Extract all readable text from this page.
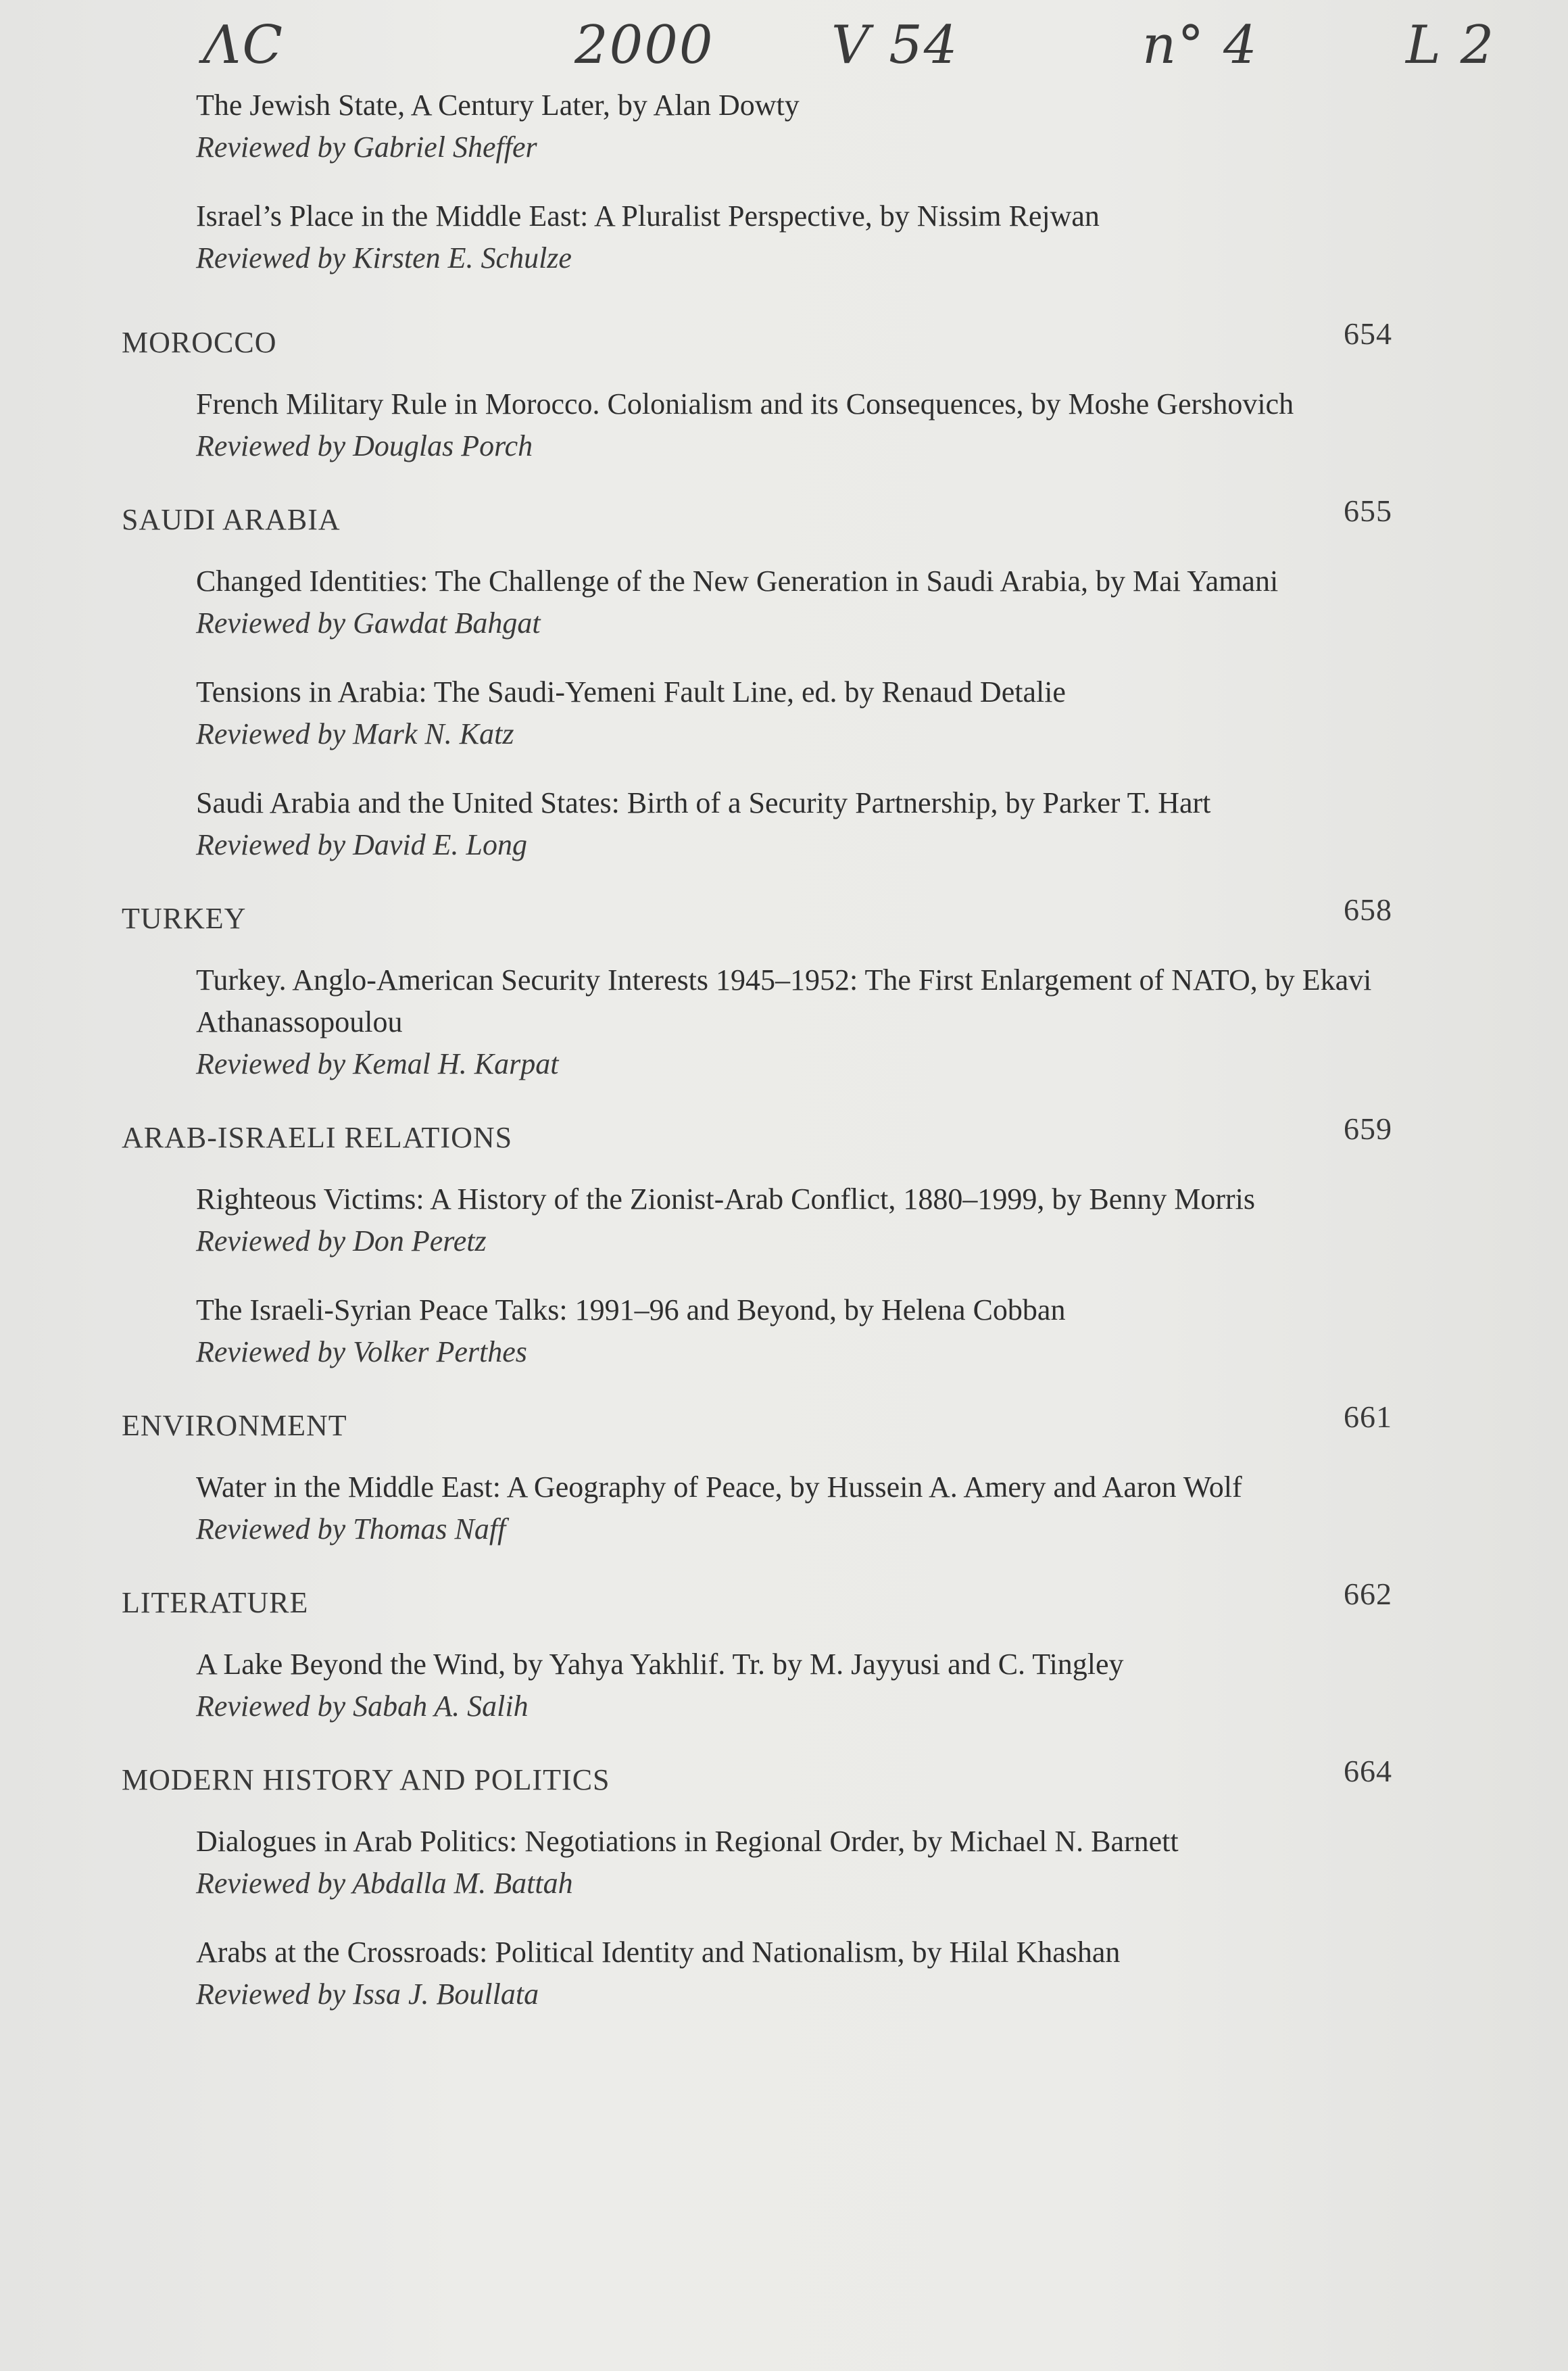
ΛC	2000 V 54	n° 4	L 2
The Jewish State, A Century Later, by Alan Dowty
Reviewed by Gabriel Sheffer
Israel’s Place in the Middle East: A Pluralist Perspective, by Nissim Rejwan
Reviewed by Kirsten E. Schulze
MOROCCO	654
French Military Rule in Morocco. Colonialism and its Consequences, by Moshe Gershovich
Reviewed by Douglas Porch
SAUDI ARABIA	655
Changed Identities: The Challenge of the New Generation in Saudi Arabia, by Mai Yamani
Reviewed by Gawdat Bahgat
Tensions in Arabia: The Saudi-Yemeni Fault Line, ed. by Renaud Detalie
Reviewed by Mark N. Katz
Saudi Arabia and the United States: Birth of a Security Partnership, by Parker T. Hart
Reviewed by David E. Long
TURKEY	658
Turkey. Anglo-American Security Interests 1945–1952: The First Enlargement of NATO, by Ekavi Athanassopoulou
Reviewed by Kemal H. Karpat
ARAB-ISRAELI RELATIONS	659
Righteous Victims: A History of the Zionist-Arab Conflict, 1880–1999, by Benny Morris
Reviewed by Don Peretz
The Israeli-Syrian Peace Talks: 1991–96 and Beyond, by Helena Cobban
Reviewed by Volker Perthes
ENVIRONMENT	661
Water in the Middle East: A Geography of Peace, by Hussein A. Amery and Aaron Wolf
Reviewed by Thomas Naff
LITERATURE	662
A Lake Beyond the Wind, by Yahya Yakhlif. Tr. by M. Jayyusi and C. Tingley
Reviewed by Sabah A. Salih
MODERN HISTORY AND POLITICS	664
Dialogues in Arab Politics: Negotiations in Regional Order, by Michael N. Barnett
Reviewed by Abdalla M. Battah
Arabs at the Crossroads: Political Identity and Nationalism, by Hilal Khashan
Reviewed by Issa J. Boullata
